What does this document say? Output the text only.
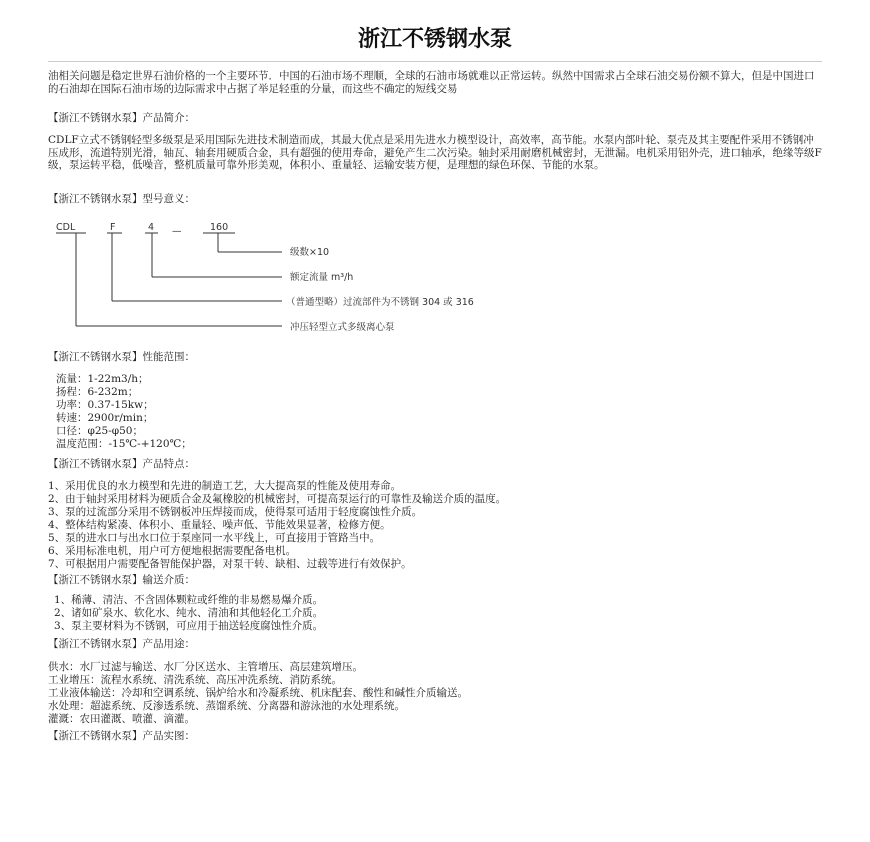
浙江不锈钢水泵
油相关问题是稳定世界石油价格的一个主要环节．中国的石油市场不理顺，全球的石油市场就难以正常运转。纵然中国需求占全球石油交易份额不算大，但是中国进口的石油却在国际石油市场的边际需求中占据了举足轻重的分量，而这些不确定的短线交易
【浙江不锈钢水泵】产品简介：
CDLF立式不锈钢轻型多级泵是采用国际先进技术制造而成，其最大优点是采用先进水力模型设计，高效率，高节能。水泵内部叶轮、泵壳及其主要配件采用不锈钢冲压成形，流道特别光滑，轴瓦、轴套用硬质合金，具有超强的使用寿命，避免产生二次污染。轴封采用耐磨机械密封，无泄漏。电机采用铝外壳，进口轴承，绝缘等级F级，泵运转平稳，低噪音，整机质量可靠外形美观，体积小、重量轻、运输安装方便，是理想的绿色环保、节能的水泵。
【浙江不锈钢水泵】型号意义：
CDL	F	4 —	160
级数×10
额定流量 m³/h
（普通型略）过流部件为不锈钢 304 或 316
冲压轻型立式多级离心泵
【浙江不锈钢水泵】性能范围：
流量：1-22m3/h；
扬程：6-232m；
功率：0.37-15kw；
转速：2900r/min；
口径：φ25-φ50；
温度范围：-15℃-+120℃；
【浙江不锈钢水泵】产品特点：
1、采用优良的水力模型和先进的制造工艺，大大提高泵的性能及使用寿命。
2、由于轴封采用材料为硬质合金及氟橡胶的机械密封，可提高泵运行的可靠性及输送介质的温度。
3、泵的过流部分采用不锈钢板冲压焊接而成，使得泵可适用于轻度腐蚀性介质。
4、整体结构紧凑、体积小、重量轻、噪声低、节能效果显著，检修方便。
5、泵的进水口与出水口位于泵座同一水平线上，可直接用于管路当中。
6、采用标准电机，用户可方便地根据需要配备电机。
7、可根据用户需要配备智能保护器，对泵干转、缺相、过载等进行有效保护。
【浙江不锈钢水泵】输送介质：
1、稀薄、清洁、不含固体颗粒或纤维的非易燃易爆介质。
2、诸如矿泉水、软化水、纯水、清油和其他轻化工介质。
3、泵主要材料为不锈钢，可应用于抽送轻度腐蚀性介质。
【浙江不锈钢水泵】产品用途：
供水：水厂过滤与输送、水厂分区送水、主管增压、高层建筑增压。
工业增压：流程水系统、清洗系统、高压冲洗系统、消防系统。
工业液体输送：冷却和空调系统、锅炉给水和冷凝系统、机床配套、酸性和碱性介质输送。
水处理：超滤系统、反渗透系统、蒸馏系统、分离器和游泳池的水处理系统。
灌溉：农田灌溉、喷灌、滴灌。
【浙江不锈钢水泵】产品实图：
